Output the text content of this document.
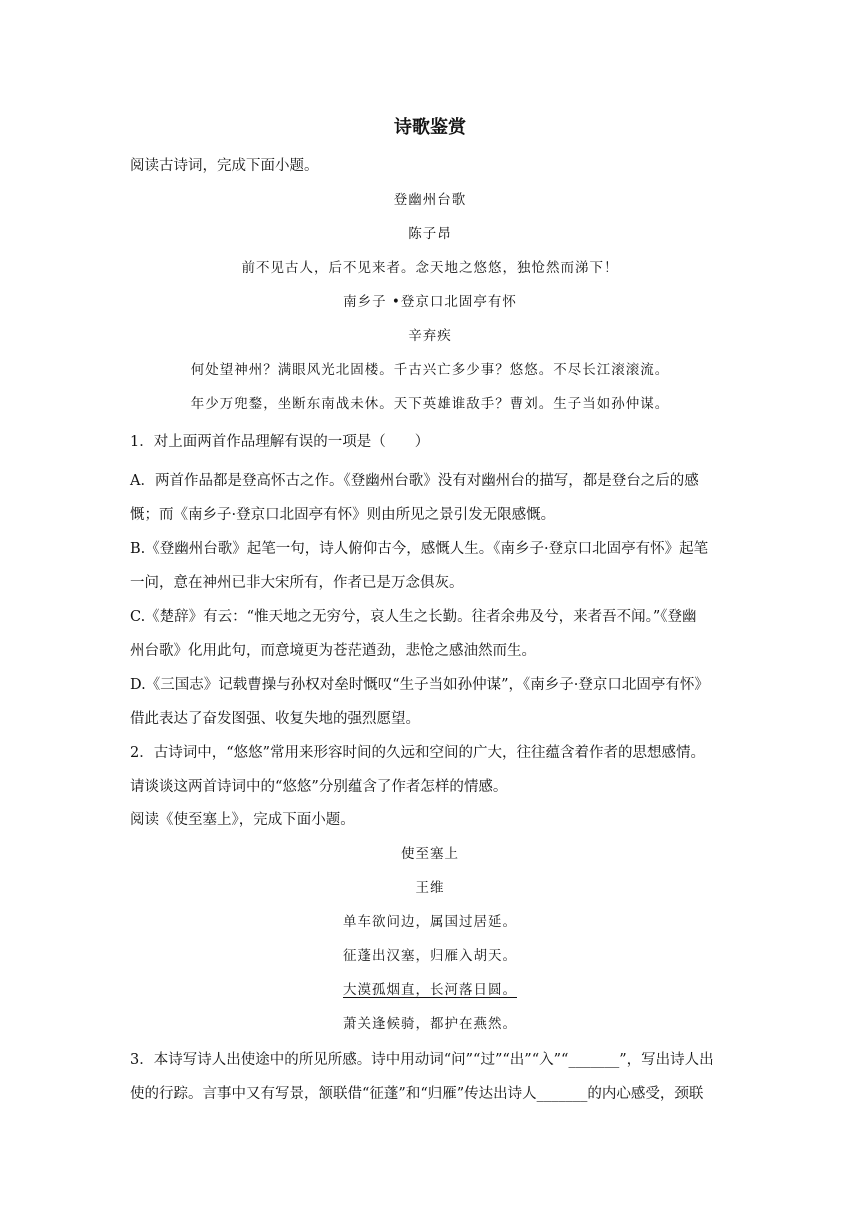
诗歌鉴赏
阅读古诗词，完成下面小题。
登幽州台歌
陈子昂
前不见古人，后不见来者。念天地之悠悠，独怆然而涕下！
南乡子 •登京口北固亭有怀
辛弃疾
何处望神州？满眼风光北固楼。千古兴亡多少事？悠悠。不尽长江滚滚流。
年少万兜鍪，坐断东南战未休。天下英雄谁敌手？曹刘。生子当如孙仲谋。
1．对上面两首作品理解有误的一项是（　　）
A．两首作品都是登高怀古之作。《登幽州台歌》没有对幽州台的描写，都是登台之后的感
慨；而《南乡子·登京口北固亭有怀》则由所见之景引发无限感慨。
B.《登幽州台歌》起笔一句，诗人俯仰古今，感慨人生。《南乡子·登京口北固亭有怀》起笔
一问，意在神州已非大宋所有，作者已是万念俱灰。
C.《楚辞》有云：“惟天地之无穷兮，哀人生之长勤。往者余弗及兮，来者吾不闻。”《登幽
州台歌》化用此句，而意境更为苍茫遒劲，悲怆之感油然而生。
D.《三国志》记载曹操与孙权对垒时慨叹“生子当如孙仲谋”，《南乡子·登京口北固亭有怀》
借此表达了奋发图强、收复失地的强烈愿望。
2．古诗词中，“悠悠”常用来形容时间的久远和空间的广大，往往蕴含着作者的思想感情。
请谈谈这两首诗词中的“悠悠”分别蕴含了作者怎样的情感。
阅读《使至塞上》，完成下面小题。
使至塞上
王维
单车欲问边，属国过居延。
征蓬出汉塞，归雁入胡天。
大漠孤烟直，长河落日圆。
萧关逢候骑，都护在燕然。
3．本诗写诗人出使途中的所见所感。诗中用动词“问”“过”“出”“入”“_______”，写出诗人出
使的行踪。言事中又有写景，颔联借“征蓬”和“归雁”传达出诗人_______的内心感受，颈联
